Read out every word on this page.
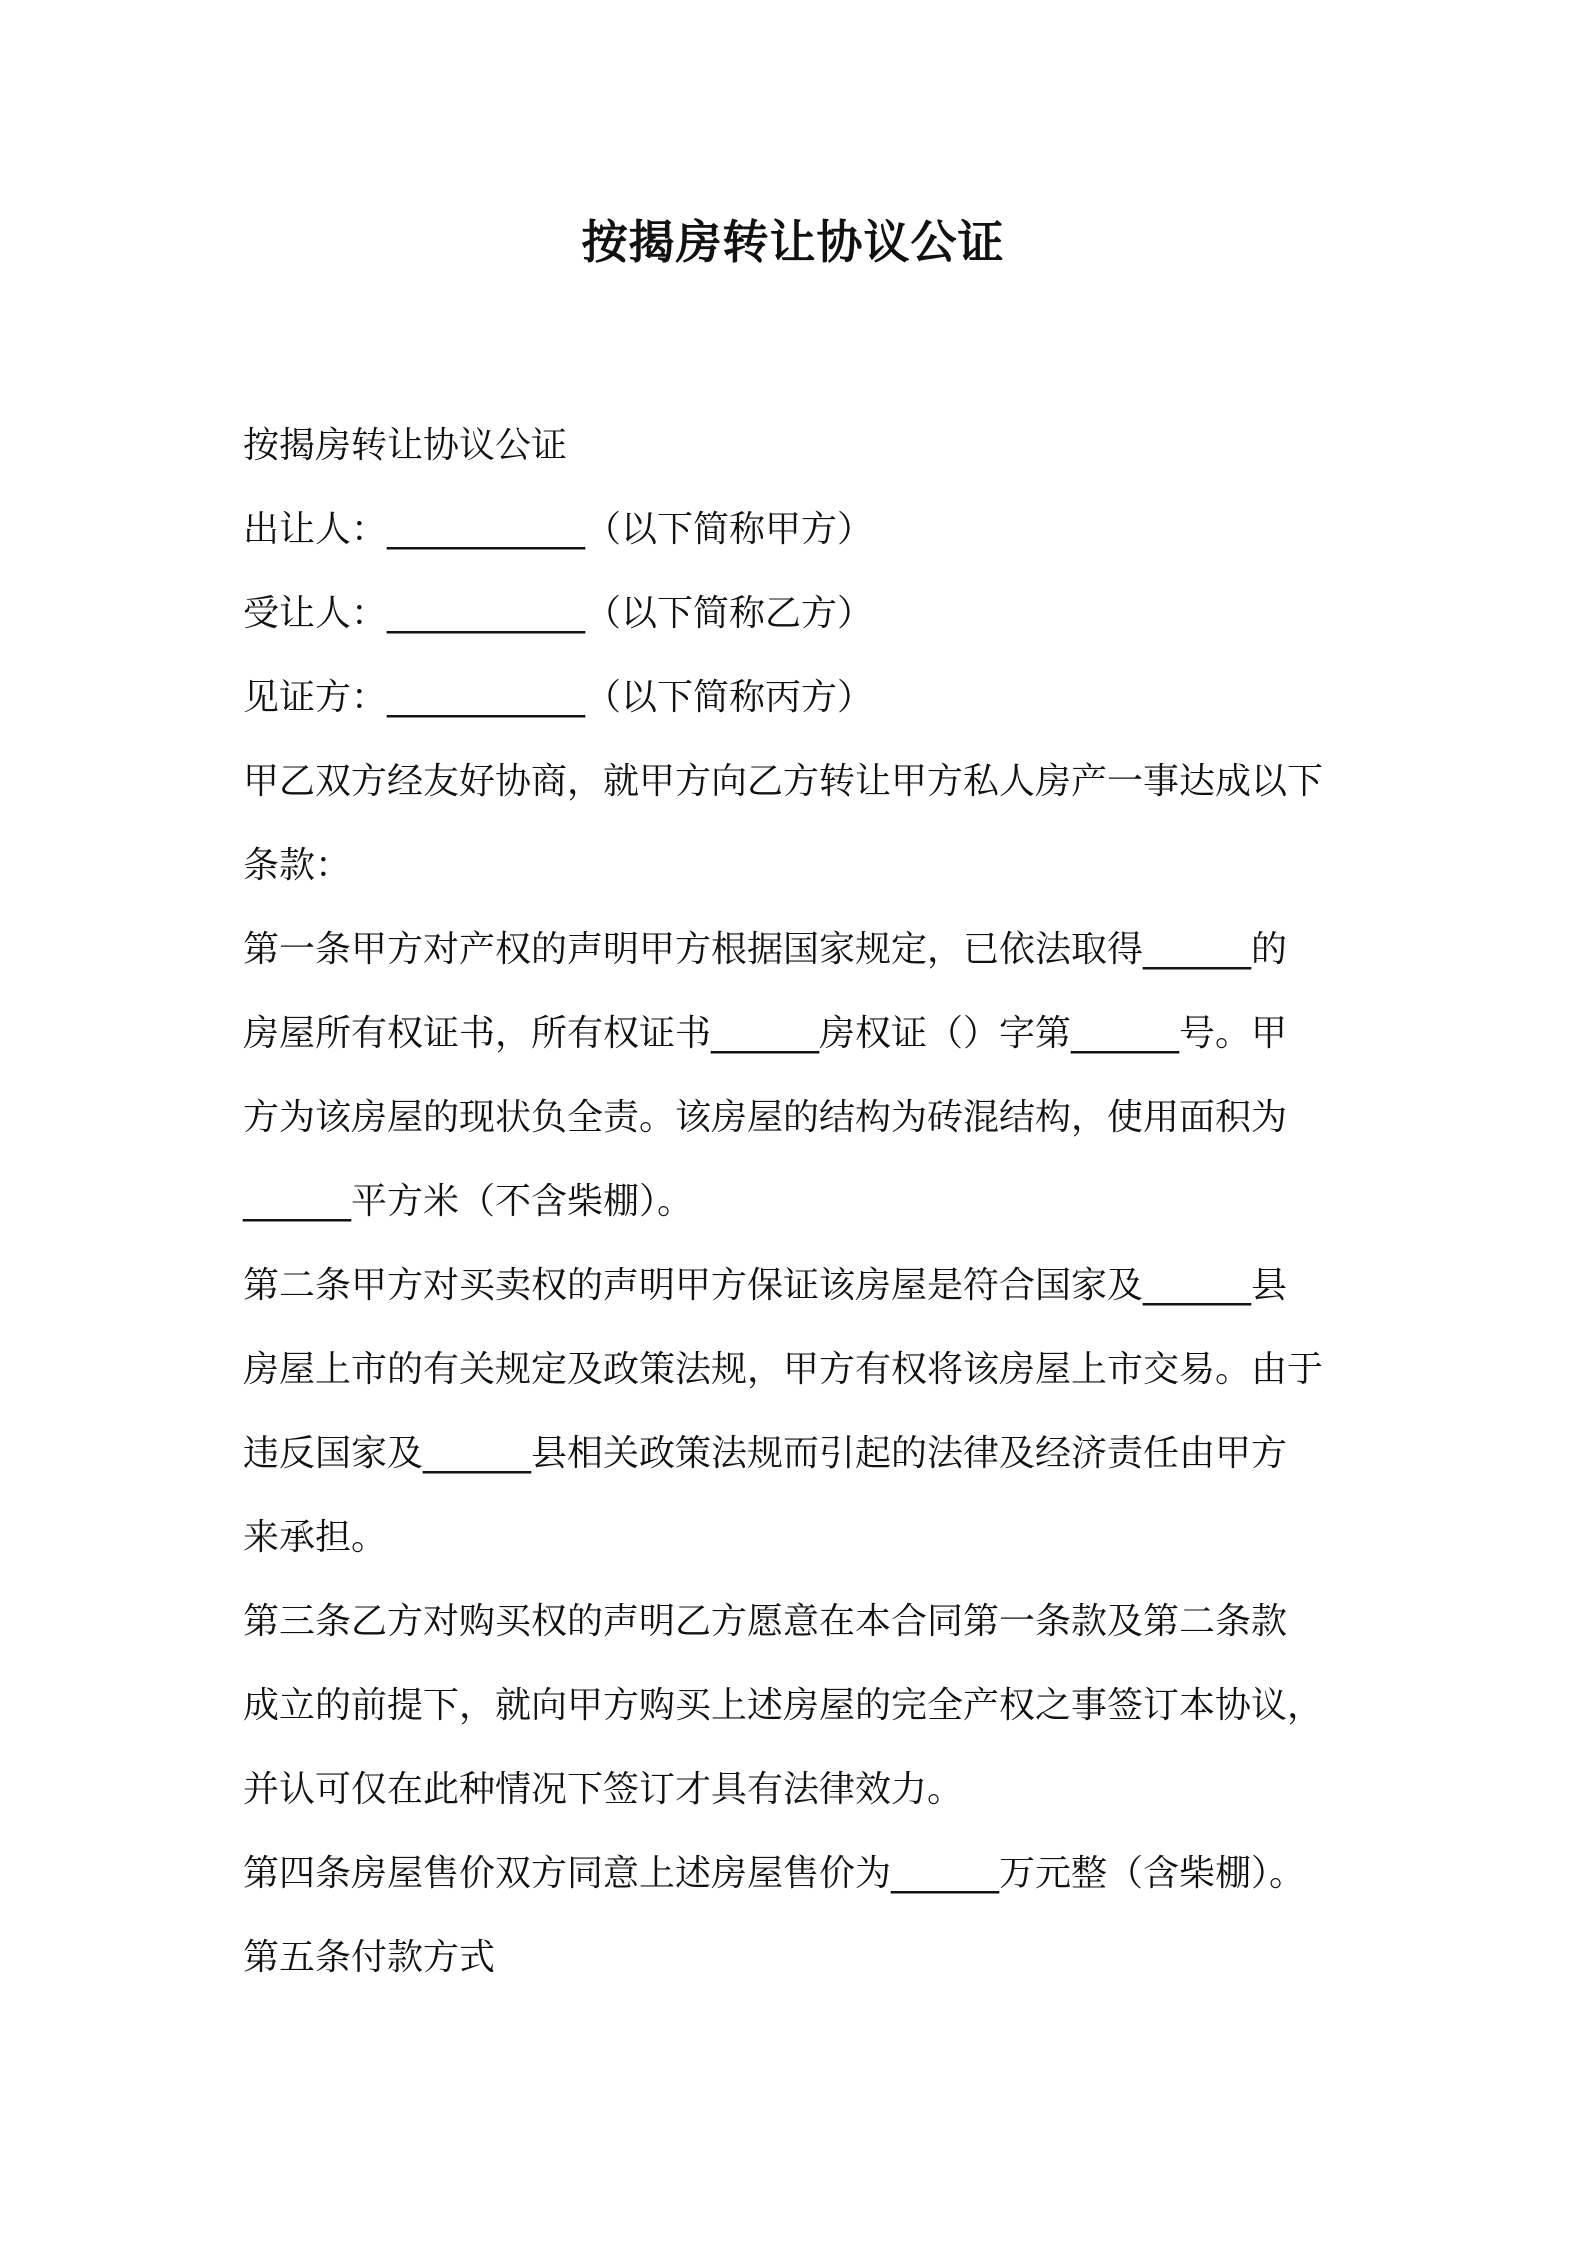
按揭房转让协议公证
按揭房转让协议公证
出让人：___________（以下简称甲方）
受让人：___________（以下简称乙方）
见证方：___________（以下简称丙方）
甲乙双方经友好协商，就甲方向乙方转让甲方私人房产一事达成以下
条款：
第一条甲方对产权的声明甲方根据国家规定，已依法取得______的
房屋所有权证书，所有权证书______房权证（）字第______号。甲
方为该房屋的现状负全责。该房屋的结构为砖混结构，使用面积为
______平方米（不含柴棚）。
第二条甲方对买卖权的声明甲方保证该房屋是符合国家及______县
房屋上市的有关规定及政策法规，甲方有权将该房屋上市交易。由于
违反国家及______县相关政策法规而引起的法律及经济责任由甲方
来承担。
第三条乙方对购买权的声明乙方愿意在本合同第一条款及第二条款
成立的前提下，就向甲方购买上述房屋的完全产权之事签订本协议，
并认可仅在此种情况下签订才具有法律效力。
第四条房屋售价双方同意上述房屋售价为______万元整（含柴棚）。
第五条付款方式
